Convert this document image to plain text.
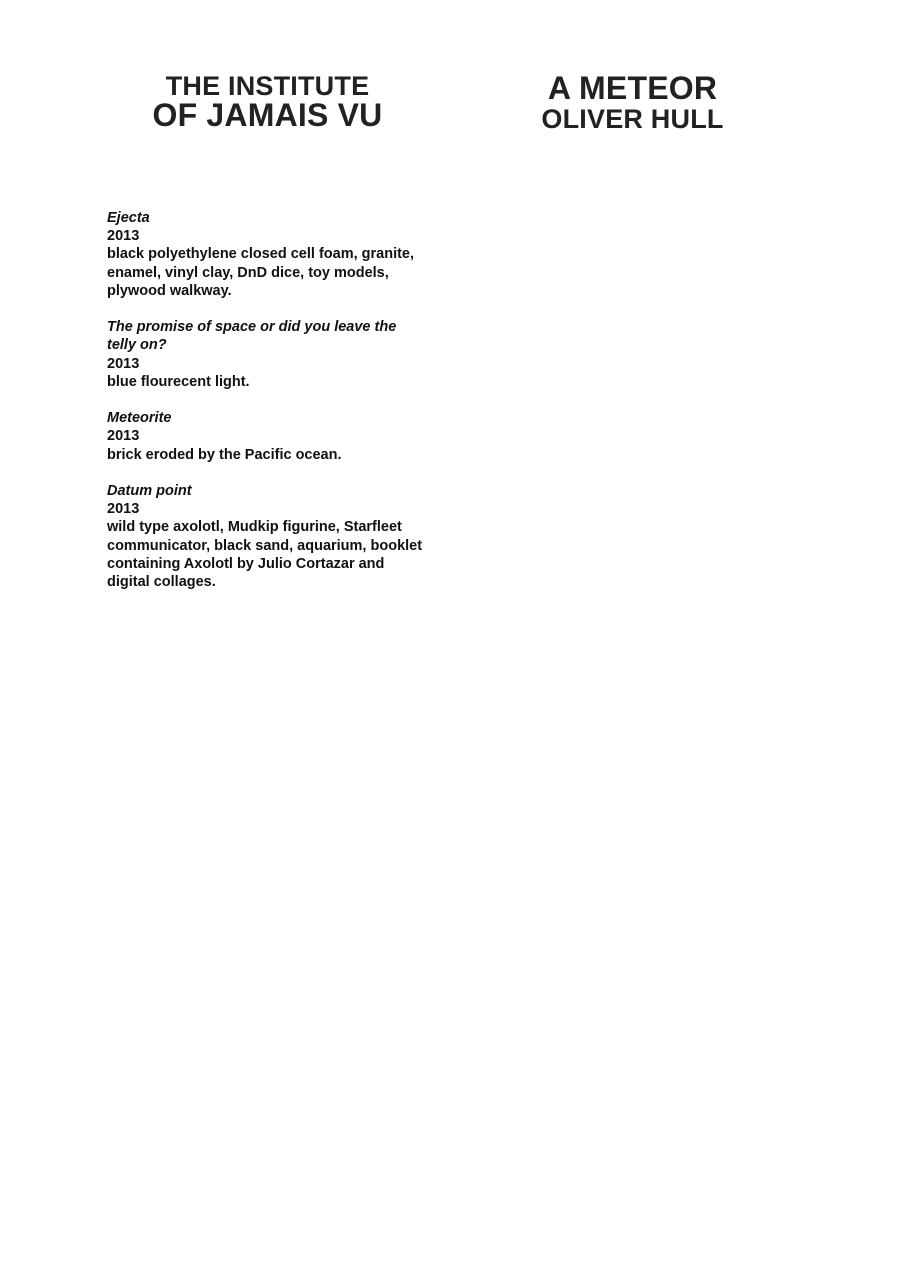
THE INSTITUTE
OF JAMAIS VU
A METEOR
OLIVER HULL
Ejecta
2013
black polyethylene closed cell foam, granite, enamel, vinyl clay, DnD dice, toy models, plywood walkway.
The promise of space or did you leave the telly on?
2013
blue flourecent light.
Meteorite
2013
brick eroded by the Pacific ocean.
Datum point
2013
wild type axolotl, Mudkip figurine, Starfleet communicator, black sand, aquarium, booklet containing Axolotl by Julio Cortazar and digital collages.
